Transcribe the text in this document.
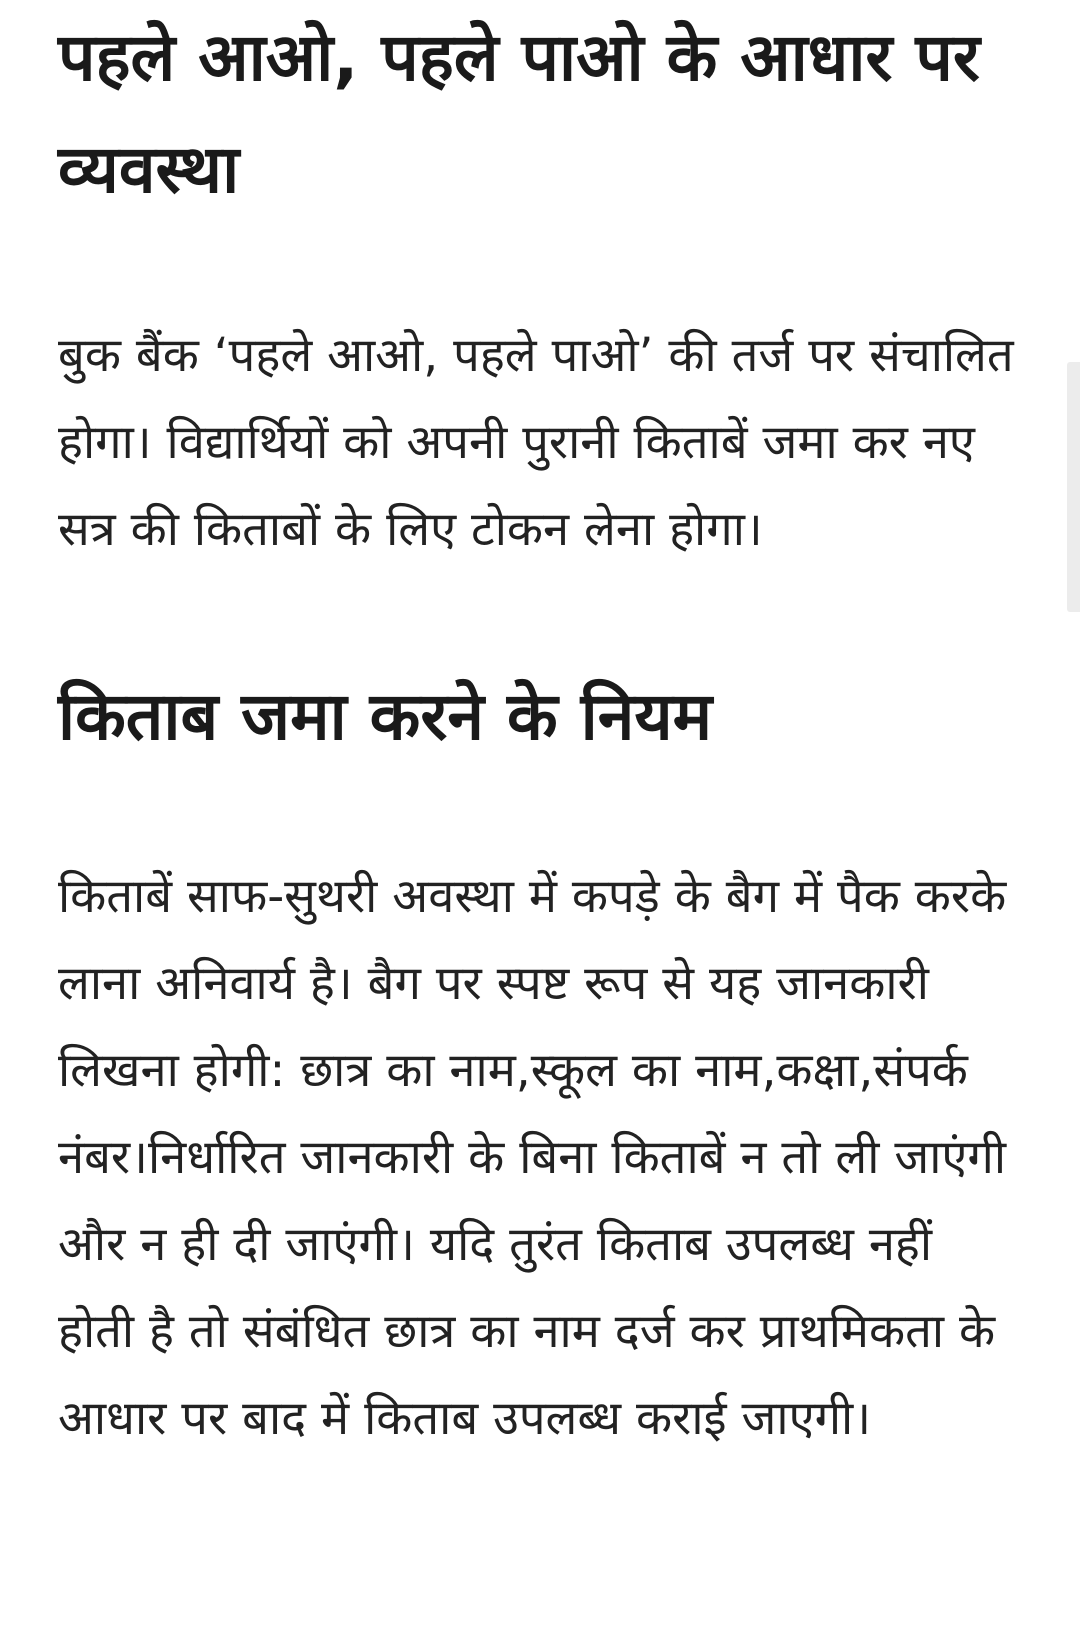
पहले आओ, पहले पाओ के आधार पर व्यवस्था

बुक बैंक ‘पहले आओ, पहले पाओ’ की तर्ज पर संचालित होगा। विद्यार्थियों को अपनी पुरानी किताबें जमा कर नए सत्र की किताबों के लिए टोकन लेना होगा।

किताब जमा करने के नियम

किताबें साफ-सुथरी अवस्था में कपड़े के बैग में पैक करके लाना अनिवार्य है। बैग पर स्पष्ट रूप से यह जानकारी लिखना होगी: छात्र का नाम,स्कूल का नाम,कक्षा,संपर्क नंबर।निर्धारित जानकारी के बिना किताबें न तो ली जाएंगी और न ही दी जाएंगी। यदि तुरंत किताब उपलब्ध नहीं होती है तो संबंधित छात्र का नाम दर्ज कर प्राथमिकता के आधार पर बाद में किताब उपलब्ध कराई जाएगी।
